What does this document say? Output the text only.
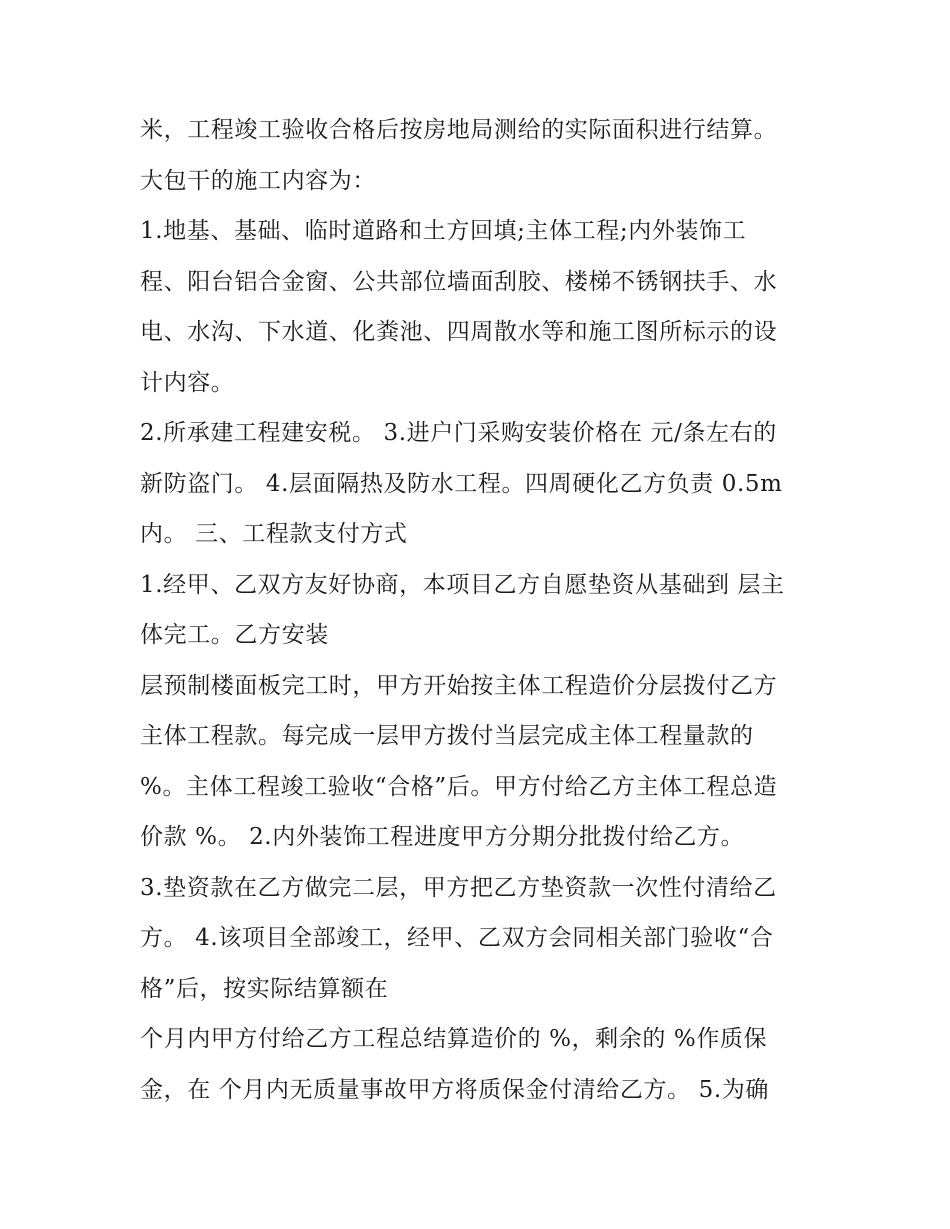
米，工程竣工验收合格后按房地局测给的实际面积进行结算。
大包干的施工内容为：
1.地基、基础、临时道路和土方回填;主体工程;内外装饰工
程、阳台铝合金窗、公共部位墙面刮胶、楼梯不锈钢扶手、水
电、水沟、下水道、化粪池、四周散水等和施工图所标示的设
计内容。
2.所承建工程建安税。 3.进户门采购安装价格在 元/条左右的
新防盗门。 4.层面隔热及防水工程。四周硬化乙方负责 0.5m
内。 三、工程款支付方式
1.经甲、乙双方友好协商，本项目乙方自愿垫资从基础到 层主
体完工。乙方安装
层预制楼面板完工时，甲方开始按主体工程造价分层拨付乙方
主体工程款。每完成一层甲方拨付当层完成主体工程量款的
%。主体工程竣工验收“合格”后。甲方付给乙方主体工程总造
价款 %。 2.内外装饰工程进度甲方分期分批拨付给乙方。
3.垫资款在乙方做完二层，甲方把乙方垫资款一次性付清给乙
方。 4.该项目全部竣工，经甲、乙双方会同相关部门验收“合
格”后，按实际结算额在
个月内甲方付给乙方工程总结算造价的 %，剩余的 %作质保
金，在 个月内无质量事故甲方将质保金付清给乙方。 5.为确
